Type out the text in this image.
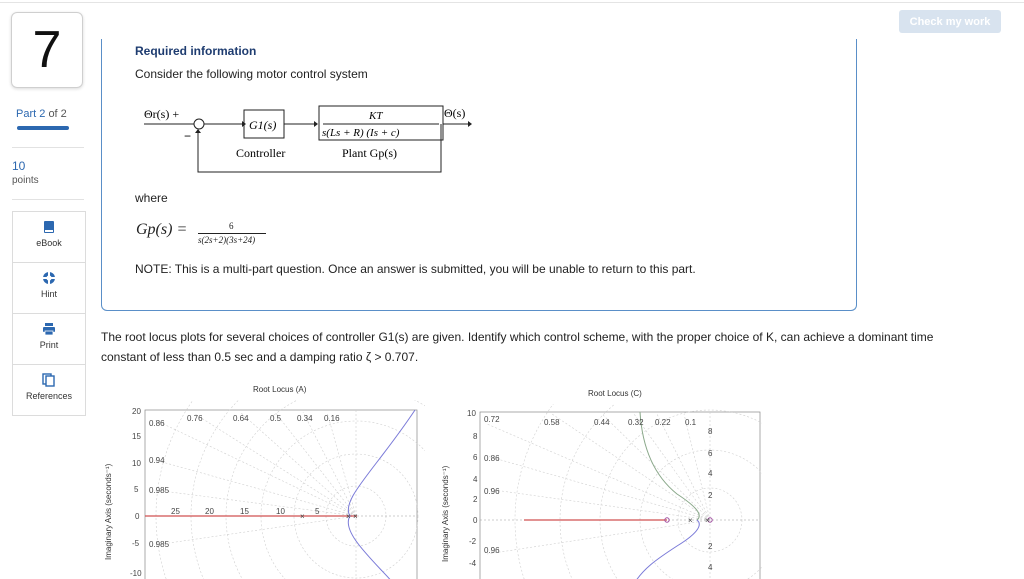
Check my work
7
Part 2 of 2
10
points
eBook
Hint
Print
References
Required information
Consider the following motor control system
Θr(s) +
G1(s)
Controller
KT
s(Ls + R) (Is + c)
Plant Gp(s)
Θ(s)
−
where
Gp(s) =	6
s(2s+2)(3s+24)
NOTE: This is a multi-part question. Once an answer is submitted, you will be unable to return to this part.
The root locus plots for several choices of controller G1(s) are given. Identify which control scheme, with the proper choice of K, can achieve a dominant time constant of less than 0.5 sec and a damping ratio ζ > 0.707.
Root Locus (A)
Imaginary Axis (seconds⁻¹)	×	× ×
20
15
10
5
0
-5
-10
0.86
0.76	0.64	0.5 0.34 0.16
0.94
0.985
0.985
25	20	15	10	5
Root Locus (C)
Imaginary Axis (seconds⁻¹)	× ×
10
8
6
4
2
0
-2
-4
0.72	0.58	0.44 0.32 0.22 0.1
0.86
0.96
0.96
8
6
4
2
2
4
